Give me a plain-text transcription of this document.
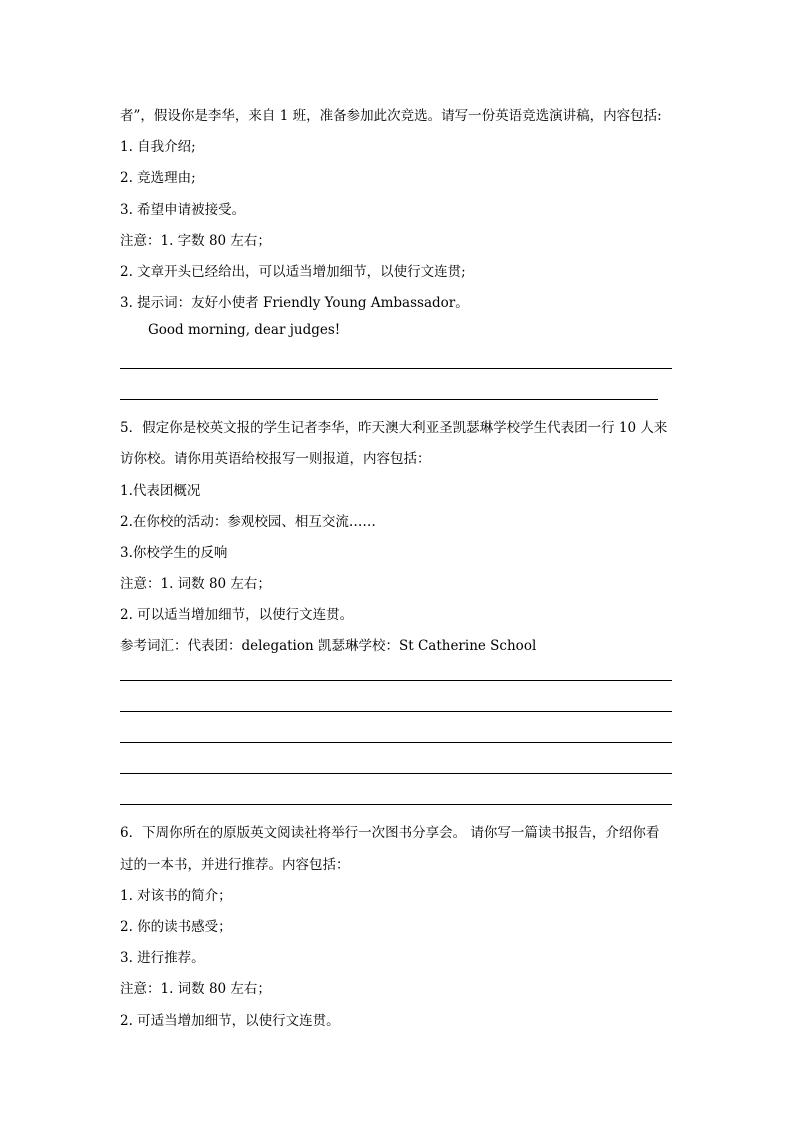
者”，假设你是李华，来自 1 班，准备参加此次竞选。请写一份英语竞选演讲稿，内容包括:
1. 自我介绍;
2. 竞选理由;
3. 希望申请被接受。
注意：1. 字数 80 左右；
2. 文章开头已经给出，可以适当增加细节，以使行文连贯;
3. 提示词：友好小使者 Friendly Young Ambassador。
Good morning, dear judges!
5．假定你是校英文报的学生记者李华，昨天澳大利亚圣凯瑟琳学校学生代表团一行 10 人来
访你校。请你用英语给校报写一则报道，内容包括：
1.代表团概况
2.在你校的活动：参观校园、相互交流……
3.你校学生的反响
注意：1. 词数 80 左右；
2. 可以适当增加细节，以使行文连贯。
参考词汇：代表团：delegation 凯瑟琳学校：St Catherine School
6．下周你所在的原版英文阅读社将举行一次图书分享会。 请你写一篇读书报告，介绍你看
过的一本书，并进行推荐。内容包括：
1. 对该书的简介；
2. 你的读书感受；
3. 进行推荐。
注意：1. 词数 80 左右；
2. 可适当增加细节，以使行文连贯。
